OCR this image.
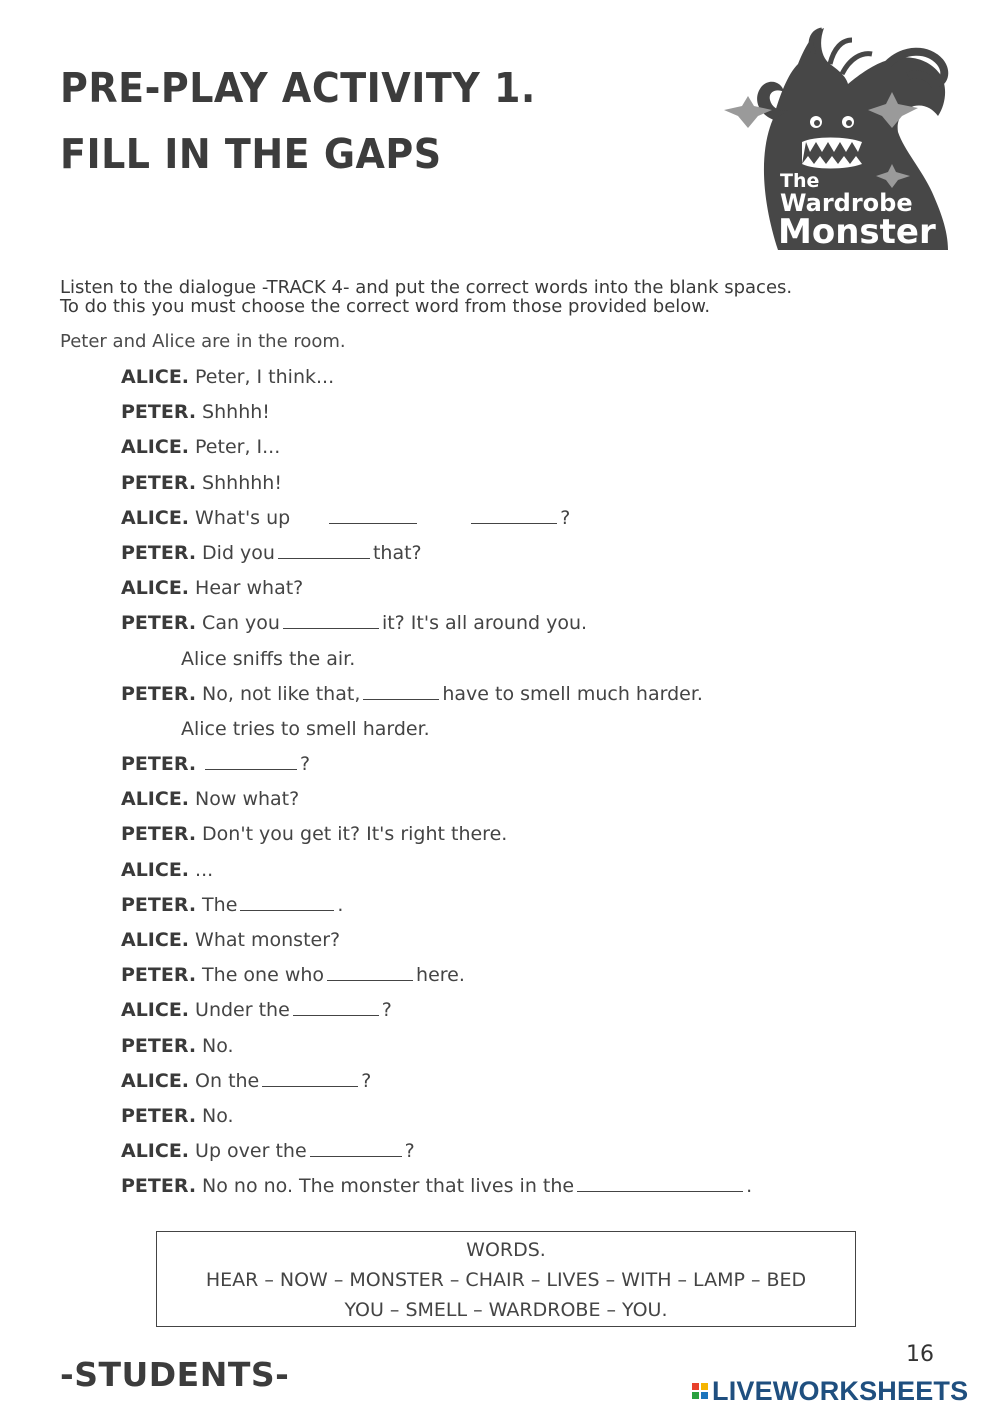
PRE-PLAY ACTIVITY 1.
FILL IN THE GAPS
The
Wardrobe
Monster
Listen to the dialogue -TRACK 4- and put the correct words into the blank spaces.
To do this you must choose the correct word from those provided below.
Peter and Alice are in the room.
ALICE. Peter, I think...
PETER. Shhhh!
ALICE. Peter, I...
PETER. Shhhhh!
ALICE. What's up	?
PETER. Did you	that?
ALICE. Hear what?
PETER. Can you	it? It's all around you.
Alice sniffs the air.
PETER. No, not like that,	have to smell much harder.
Alice tries to smell harder.
PETER.	?
ALICE. Now what?
PETER. Don't you get it? It's right there.
ALICE. ...
PETER. The	.
ALICE. What monster?
PETER. The one who	here.
ALICE. Under the	?
PETER. No.
ALICE. On the	?
PETER. No.
ALICE. Up over the	?
PETER. No no no. The monster that lives in the	.
WORDS.
HEAR – NOW – MONSTER – CHAIR – LIVES – WITH – LAMP – BED
YOU – SMELL – WARDROBE – YOU.
-STUDENTS-
16
LIVEWORKSHEETS
